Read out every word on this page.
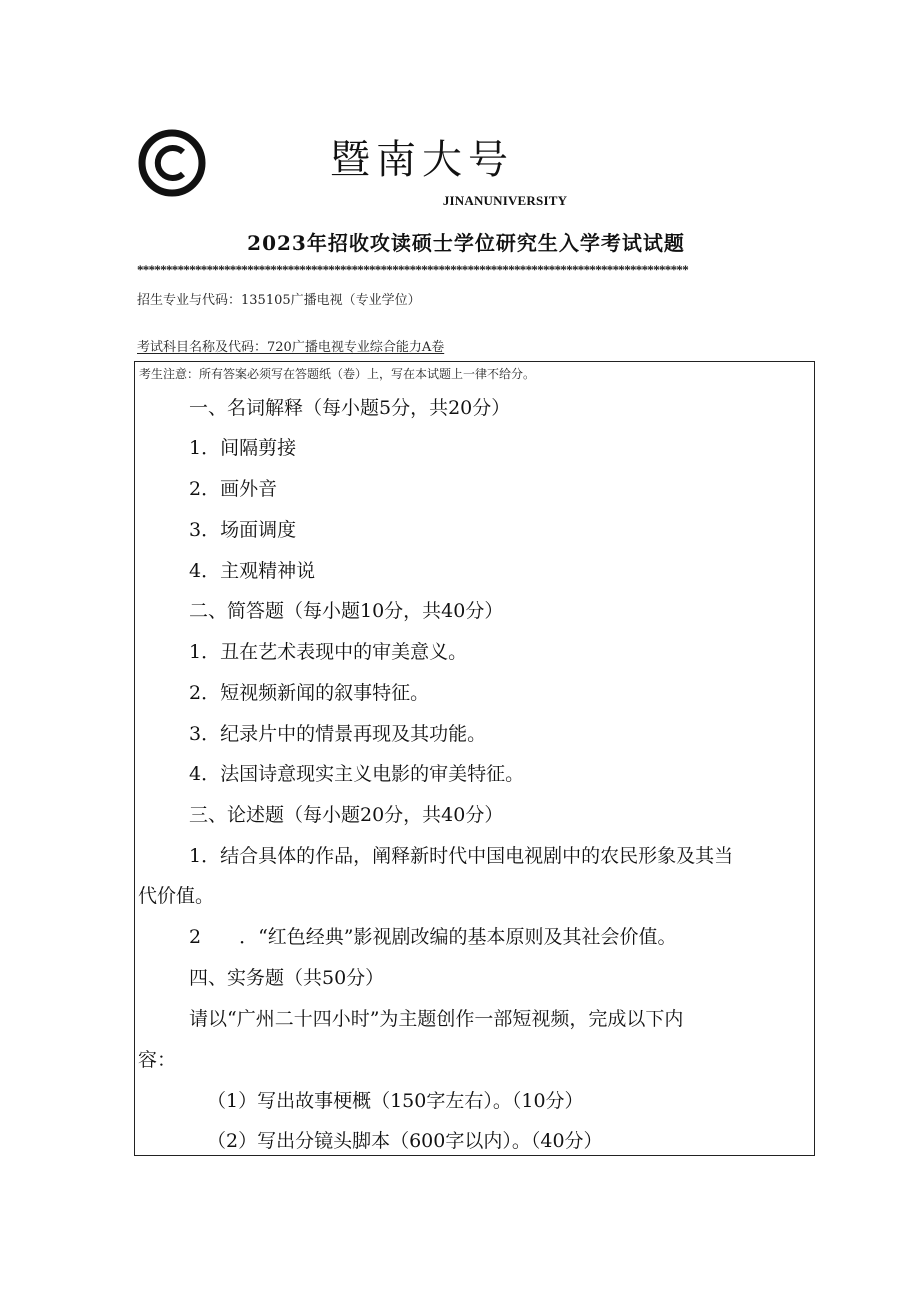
暨南大号
JINANUNIVERSITY
2023年招收攻读硕士学位研究生入学考试试题
***********************************************************************************************
招生专业与代码：135105广播电视（专业学位）
考试科目名称及代码：720广播电视专业综合能力A卷
考生注意：所有答案必须写在答题纸（卷）上，写在本试题上一律不给分。
一、名词解释（每小题5分，共20分）
1．间隔剪接
2．画外音
3．场面调度
4．主观精神说
二、简答题（每小题10分，共40分）
1．丑在艺术表现中的审美意义。
2．短视频新闻的叙事特征。
3．纪录片中的情景再现及其功能。
4．法国诗意现实主义电影的审美特征。
三、论述题（每小题20分，共40分）
1．结合具体的作品，阐释新时代中国电视剧中的农民形象及其当
代价值。
2　　．“红色经典”影视剧改编的基本原则及其社会价值。
四、实务题（共50分）
请以“广州二十四小时”为主题创作一部短视频，完成以下内
容：
（1）写出故事梗概（150字左右）。（10分）
（2）写出分镜头脚本（600字以内）。（40分）
